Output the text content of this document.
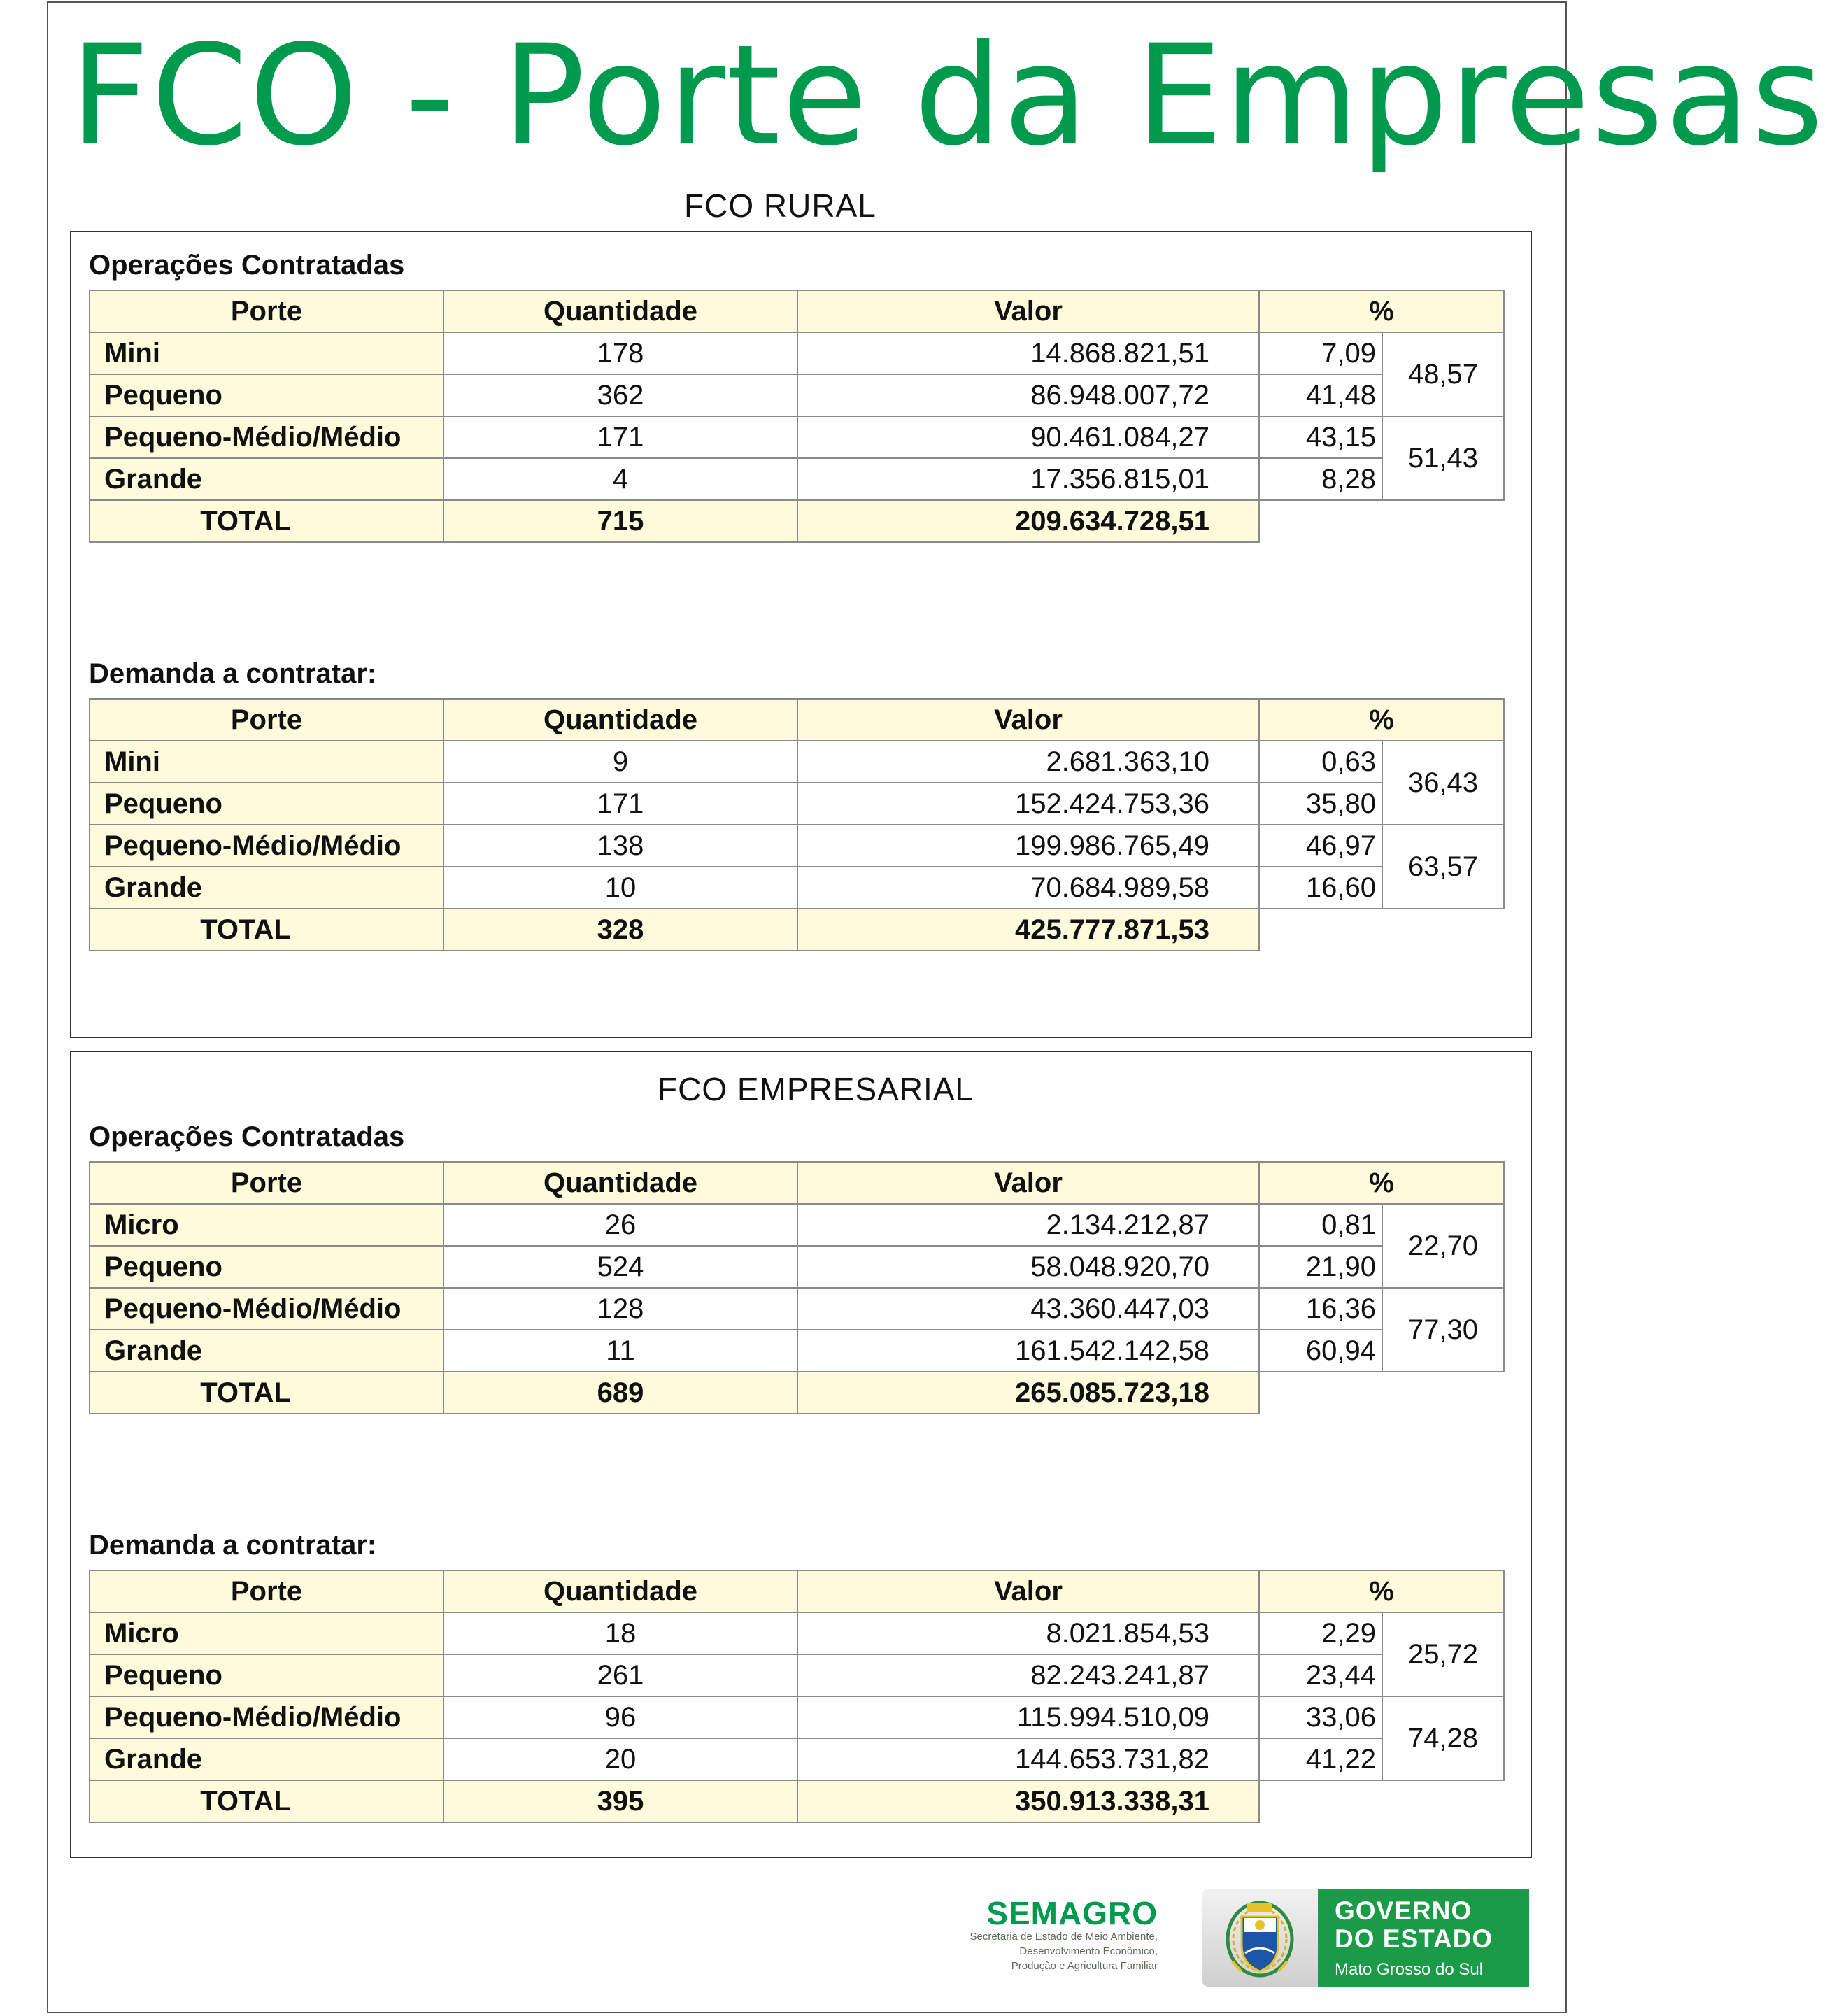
FCO - Porte da Empresas
FCO RURAL
Operações Contratadas
Porte	Quantidade	Valor	%	
Mini	178	14.868.821,51	7,09	48,57
Pequeno	362	86.948.007,72	41,48	
Pequeno-Médio/Médio	171	90.461.084,27	43,15	51,43
Grande	4	17.356.815,01	8,28	
TOTAL	715	209.634.728,51		
Demanda a contratar:
Porte	Quantidade	Valor	%	
Mini	9	2.681.363,10	0,63	36,43
Pequeno	171	152.424.753,36	35,80	
Pequeno-Médio/Médio	138	199.986.765,49	46,97	63,57
Grande	10	70.684.989,58	16,60	
TOTAL	328	425.777.871,53		
FCO EMPRESARIAL
Operações Contratadas
Porte	Quantidade	Valor	%	
Micro	26	2.134.212,87	0,81	22,70
Pequeno	524	58.048.920,70	21,90	
Pequeno-Médio/Médio	128	43.360.447,03	16,36	77,30
Grande	11	161.542.142,58	60,94	
TOTAL	689	265.085.723,18		
Demanda a contratar:
Porte	Quantidade	Valor	%	
Micro	18	8.021.854,53	2,29	25,72
Pequeno	261	82.243.241,87	23,44	
Pequeno-Médio/Médio	96	115.994.510,09	33,06	74,28
Grande	20	144.653.731,82	41,22	
TOTAL	395	350.913.338,31		
SEMAGRO
Secretaria de Estado de Meio Ambiente,
Desenvolvimento Econômico,
Produção e Agricultura Familiar
GOVERNO
DO ESTADO
Mato Grosso do Sul
